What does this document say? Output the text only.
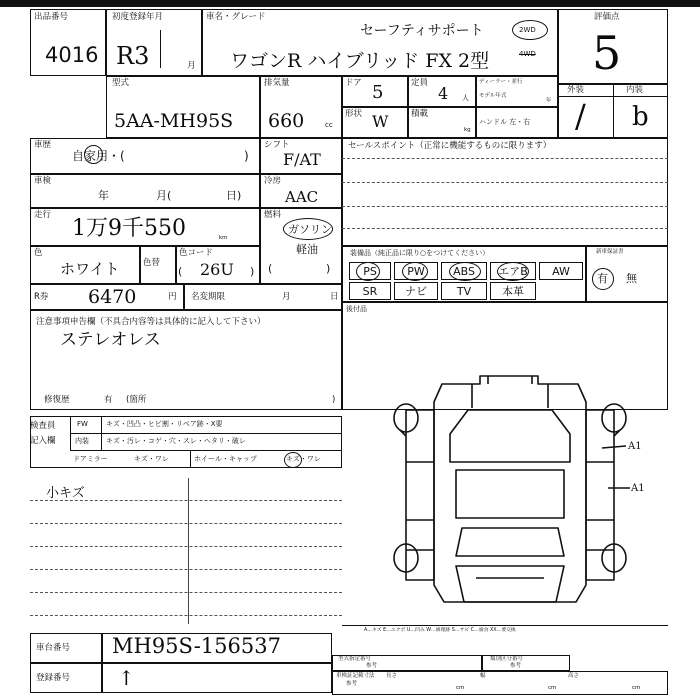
出品番号
4016
初度登録年月
R3	月
車名・グレード
セーフティサポート
ワゴンR ハイブリッド FX 2型
2WD
4WD
評価点
5
型式
5AA-MH95S
排気量
660	cc
ドア 5	定員
4 人
ディーラー・並行
モデル年式
年
形状 W	積載
kg
ハンドル 左・右
外装	内装
/ b
車歴
自家用・(	)
シフト
F/AT
車検
年	月(	日)
冷房
AAC
走行
1万9千550	km
燃料
ガソリン
軽油
(	)
色
ホワイト	色替
色コード
( 26U )
R券 6470	円 名変期限	月	日
注意事項申告欄（不具合内容等は具体的に記入して下さい）
ステレオレス
修復歴	有 (箇所	)
検査員
記入欄
FW	キズ・凹凸・ヒビ割・リペア跡・X要
内装 キズ・汚レ・コゲ・穴・スレ・ヘタリ・破レ
ドアミラー	キズ・ワレ	ホイール・キャップ	キズ・ワレ
小キズ
セールスポイント（正常に機能するものに限ります）
装備品（純正品に限り○をつけてください）
PS	PW	ABS	エアB	AW
SR	ナビ	TV	本革
新車保証書
有 無
後付品
A1
A1
A…キズ E…エクボ U…凹み W…修理跡 S…サビ C…腐食 XX…要交換
車台番号 MH95S-156537
登録番号 ↑
型式指定番号
参考
類別区分番号
参考
車検証記載寸法
参考
長さ
cm
幅
cm
高さ
cm
